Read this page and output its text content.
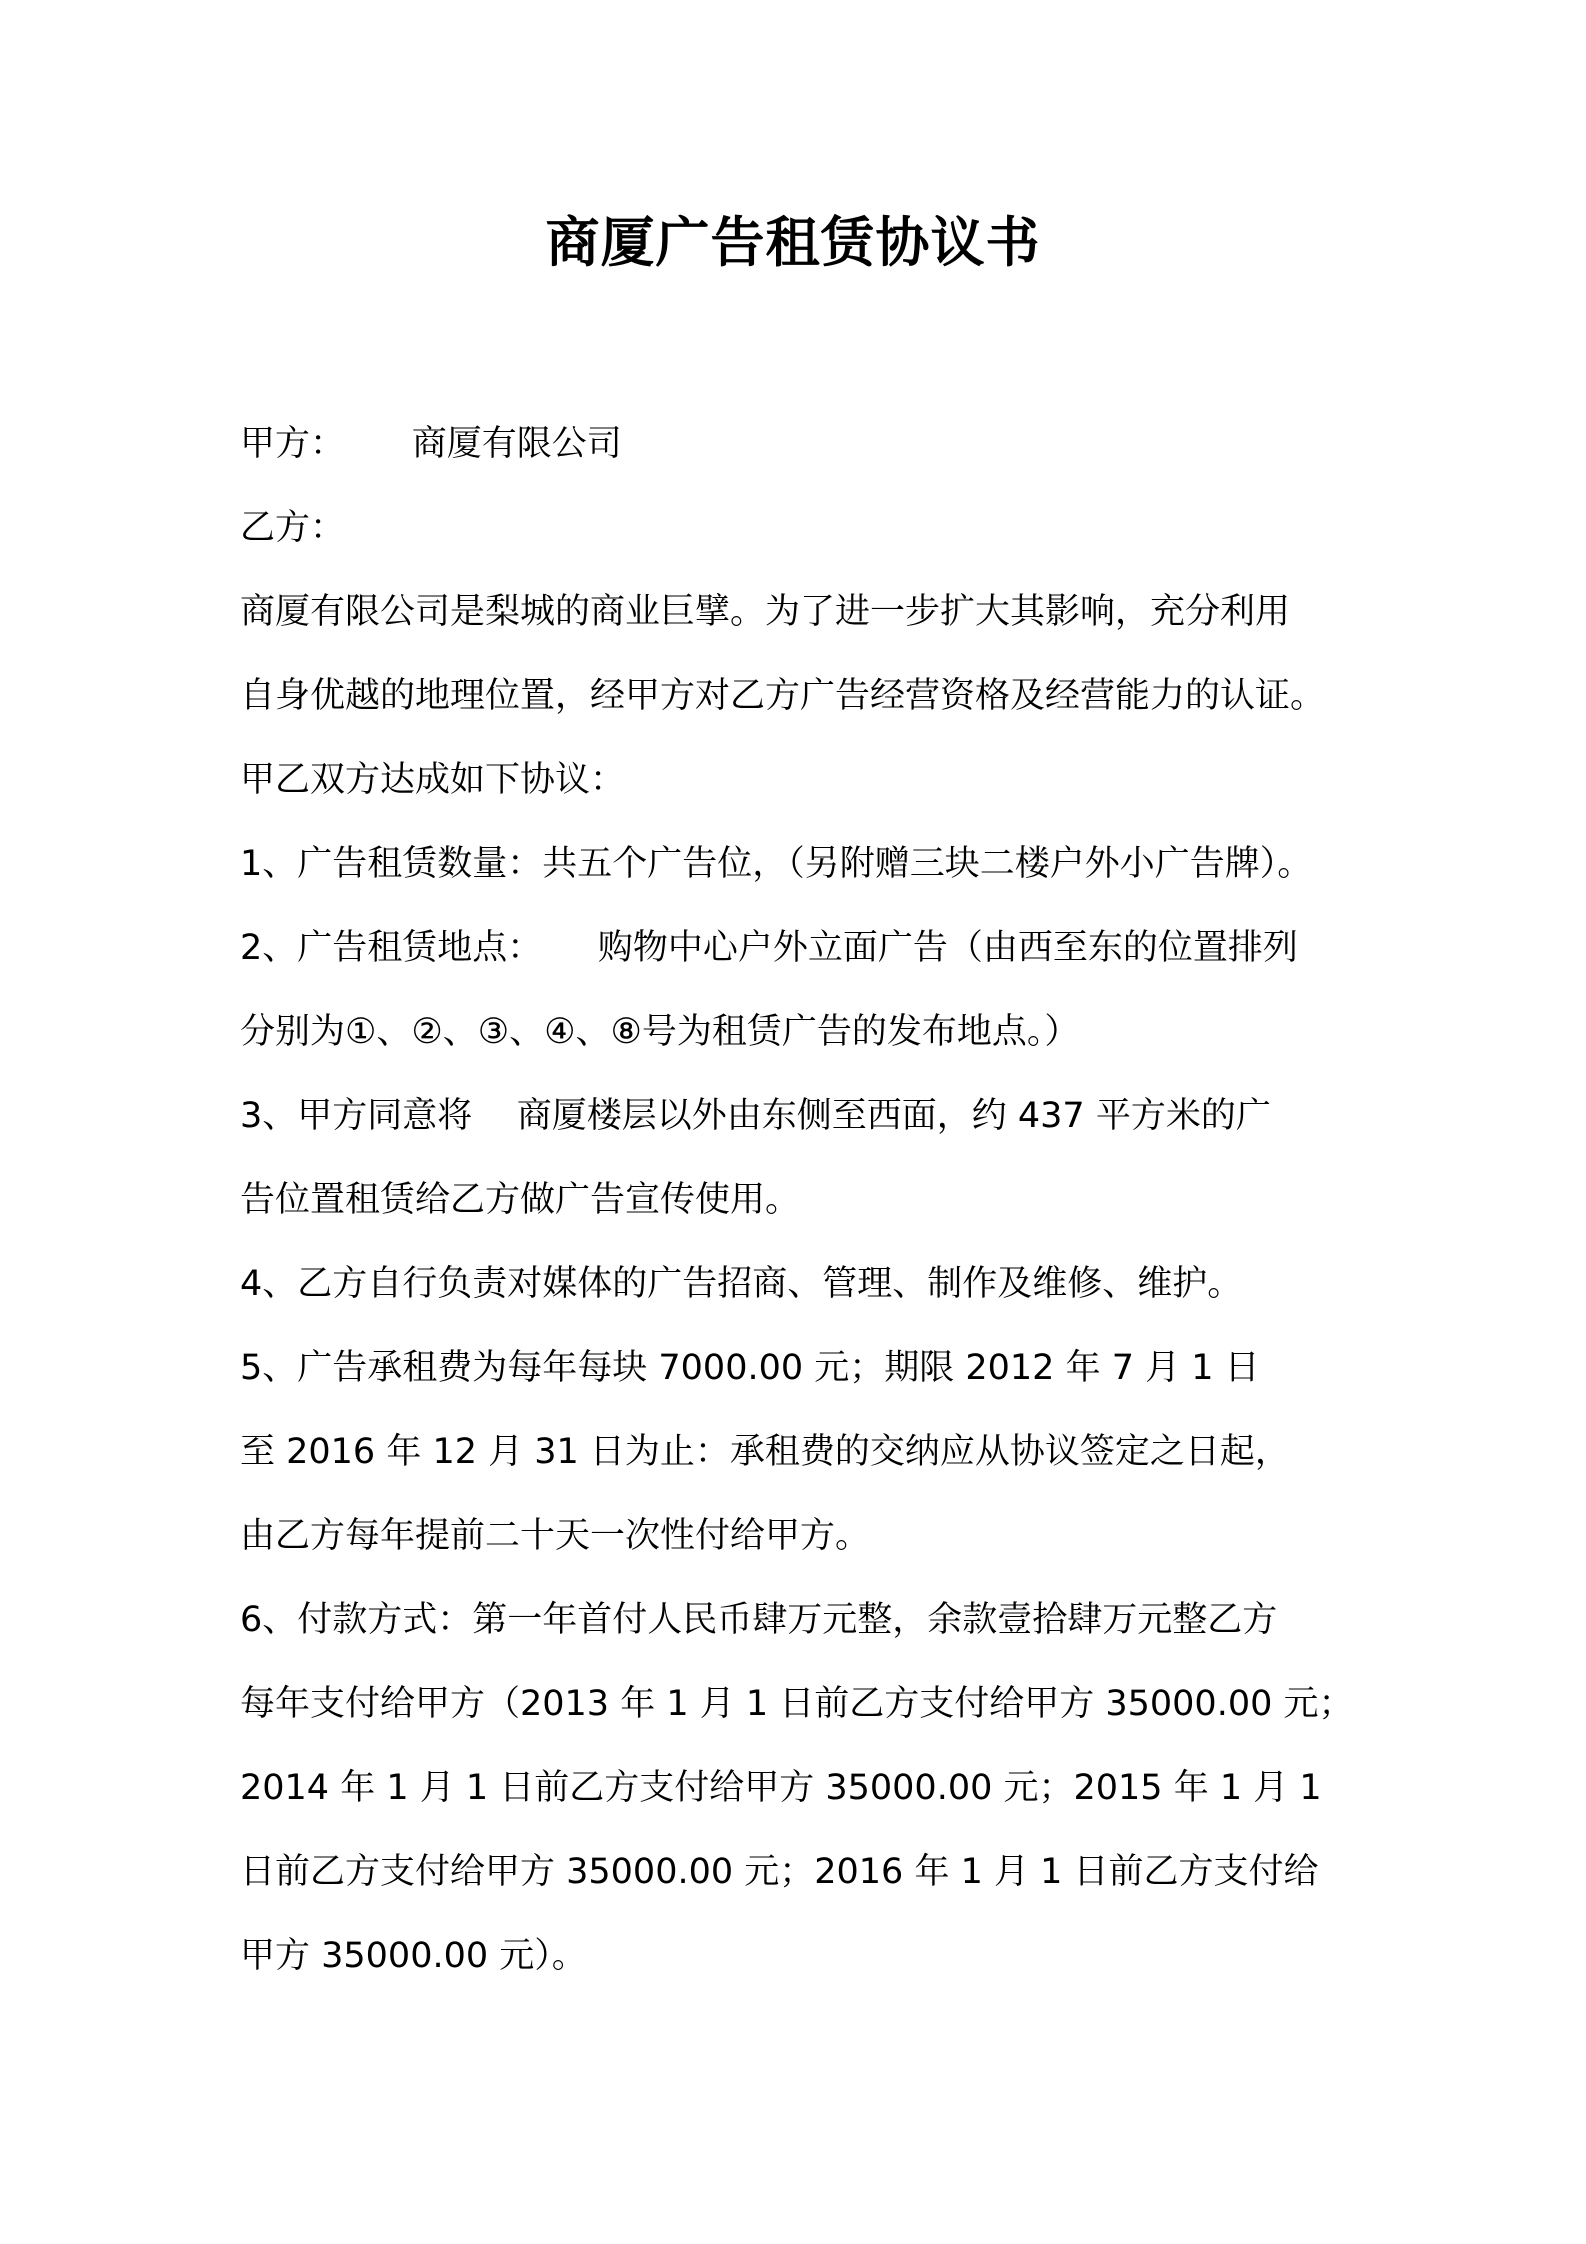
商厦广告租赁协议书
甲方：      商厦有限公司
乙方：
商厦有限公司是梨城的商业巨擘。为了进一步扩大其影响，充分利用
自身优越的地理位置，经甲方对乙方广告经营资格及经营能力的认证。
甲乙双方达成如下协议：
1、广告租赁数量：共五个广告位，（另附赠三块二楼户外小广告牌）。
2、广告租赁地点：     购物中心户外立面广告（由西至东的位置排列
分别为①、②、③、④、⑧号为租赁广告的发布地点。）
3、甲方同意将    商厦楼层以外由东侧至西面，约 437 平方米的广
告位置租赁给乙方做广告宣传使用。
4、乙方自行负责对媒体的广告招商、管理、制作及维修、维护。
5、广告承租费为每年每块 7000.00 元；期限 2012 年 7 月 1 日
至 2016 年 12 月 31 日为止：承租费的交纳应从协议签定之日起，
由乙方每年提前二十天一次性付给甲方。
6、付款方式：第一年首付人民币肆万元整，余款壹拾肆万元整乙方
每年支付给甲方（2013 年 1 月 1 日前乙方支付给甲方 35000.00 元；
2014 年 1 月 1 日前乙方支付给甲方 35000.00 元；2015 年 1 月 1
日前乙方支付给甲方 35000.00 元；2016 年 1 月 1 日前乙方支付给
甲方 35000.00 元）。
